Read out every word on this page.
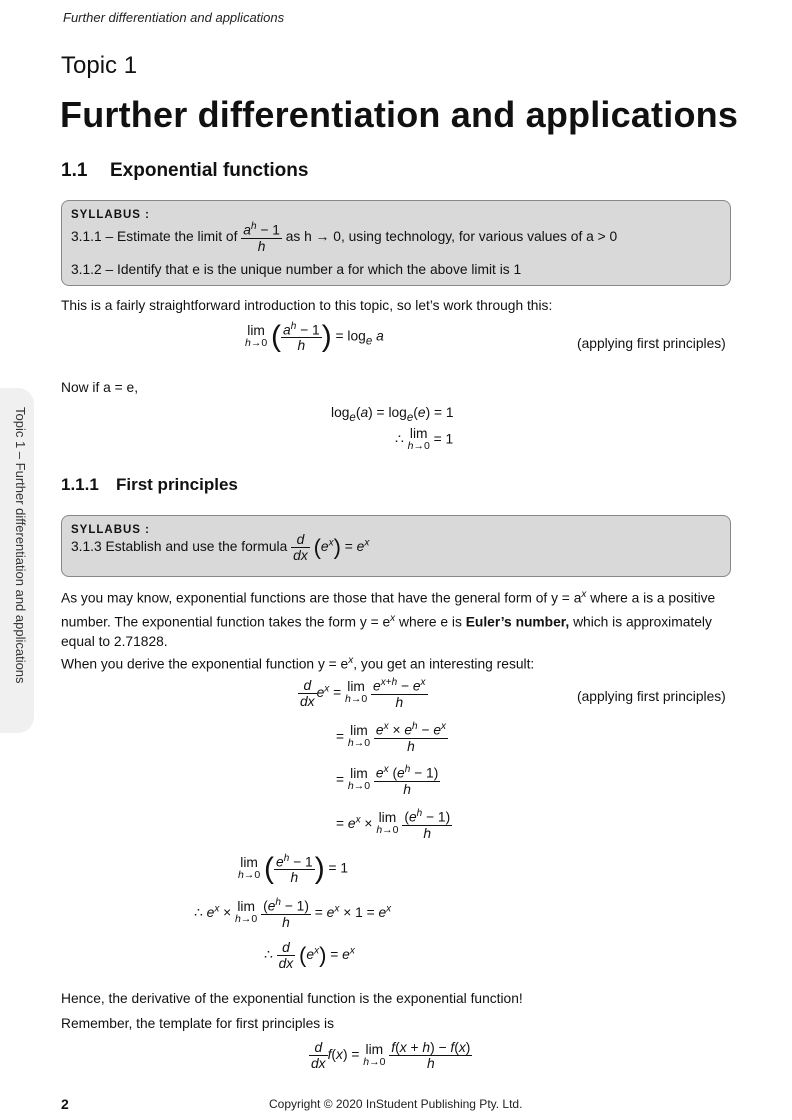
Further differentiation and applications
Topic 1
Further differentiation and applications
1.1 Exponential functions
SYLLABUS :
3.1.1 – Estimate the limit of $\frac{a^h - 1}{h}$ as h → 0, using technology, for various values of a > 0
3.1.2 – Identify that e is the unique number a for which the above limit is 1
This is a fairly straightforward introduction to this topic, so let’s work through this:
lim
h→0 ( $\frac{a^h - 1}{h}$ ) = $\log_e a$	(applying first principles)
Now if a = e,
$\log_e(a) = \log_e(e) = 1$
∴ lim
h→0 = 1
1.1.1 First principles
SYLLABUS :
3.1.3 Establish and use the formula $\frac{d}{dx} (e^x) = e^x$
As you may know, exponential functions are those that have the general form of $y = a^x$ where a is a positive number. The exponential function takes the form $y = e^x$ where e is Euler’s number, which is approximately equal to 2.71828.
When you derive the exponential function $y = e^x$, you get an interesting result:
$\frac{d}{dx} e^x = \lim$
h→0
$\frac{e^{x+h} - e^x}{h}$	(applying first principles)
= lim
h→0
$\frac{e^x \times e^h - e^x}{h}$
= lim
h→0
$\frac{e^x (e^h - 1)}{h}$
= $e^x \times \lim$
h→0
$\frac{(e^h - 1)}{h}$
lim
h→0 ( $\frac{e^h - 1}{h}$ ) = 1
∴ $e^x \times \lim$
h→0
$\frac{(e^h - 1)}{h} = e^x \times 1 = e^x$
∴ $\frac{d}{dx} (e^x) = e^x$
Hence, the derivative of the exponential function is the exponential function!
Remember, the template for first principles is
$\frac{d}{dx} f(x) = \lim$
h→0
$\frac{f(x + h) - f(x)}{h}$
Topic 1 – Further differentiation and applications
2	Copyright © 2020 InStudent Publishing Pty. Ltd.
